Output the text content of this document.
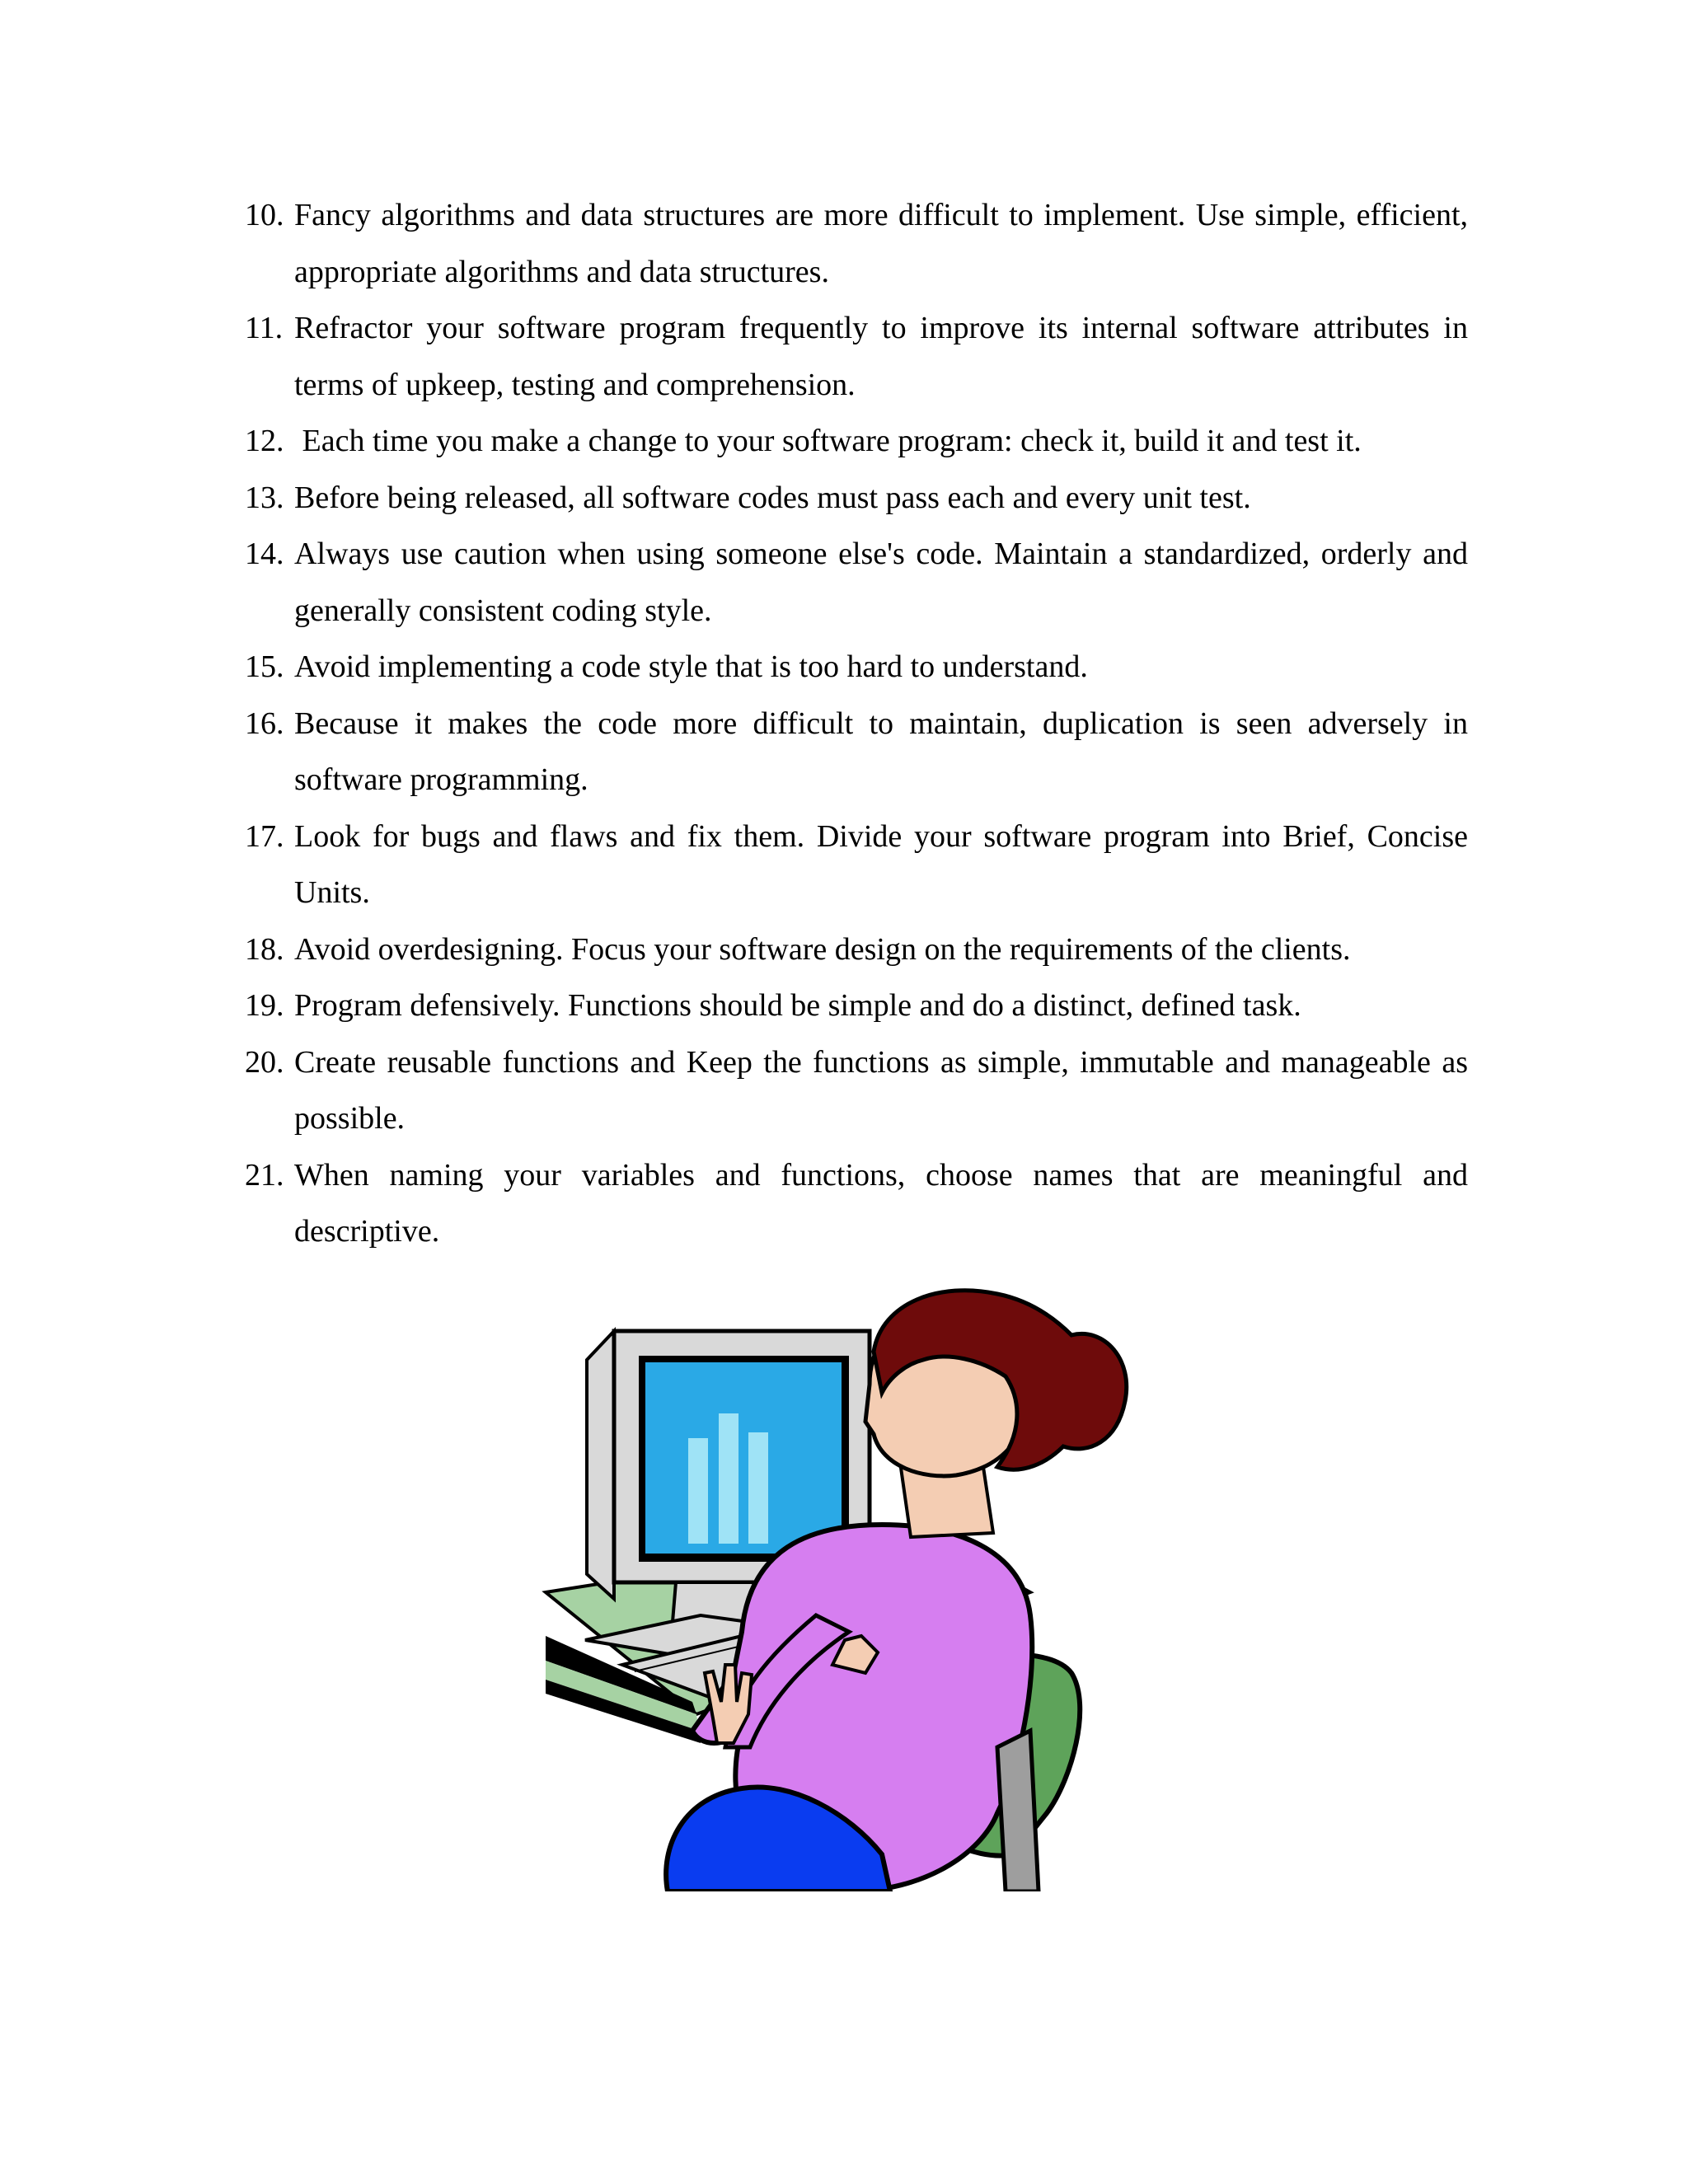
10. Fancy algorithms and data structures are more difficult to implement. Use simple, efficient, appropriate algorithms and data structures.
11. Refractor your software program frequently to improve its internal software attributes in terms of upkeep, testing and comprehension.
12. Each time you make a change to your software program: check it, build it and test it.
13. Before being released, all software codes must pass each and every unit test.
14. Always use caution when using someone else's code. Maintain a standardized, orderly and generally consistent coding style.
15. Avoid implementing a code style that is too hard to understand.
16. Because it makes the code more difficult to maintain, duplication is seen adversely in software programming.
17. Look for bugs and flaws and fix them. Divide your software program into Brief, Concise Units.
18. Avoid overdesigning. Focus your software design on the requirements of the clients.
19. Program defensively. Functions should be simple and do a distinct, defined task.
20. Create reusable functions and Keep the functions as simple, immutable and manageable as possible.
21. When naming your variables and functions, choose names that are meaningful and descriptive.
